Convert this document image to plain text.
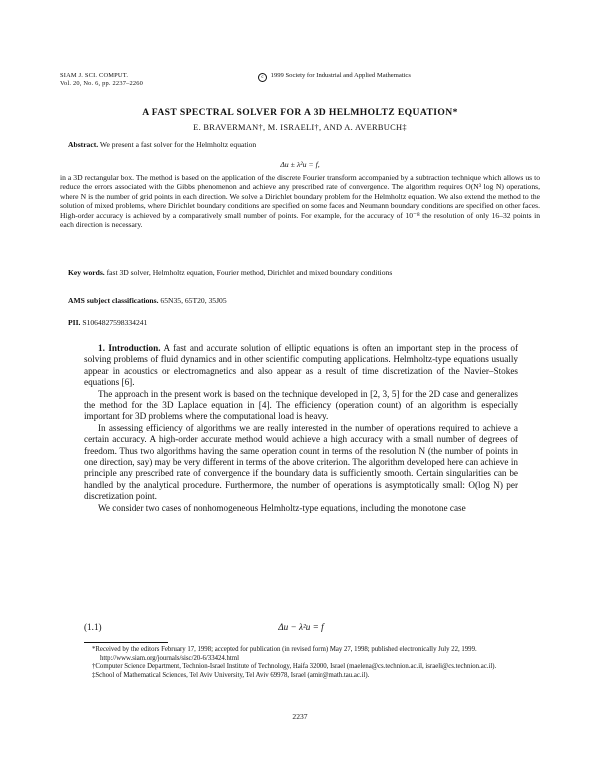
SIAM J. SCI. COMPUT.
Vol. 20, No. 6, pp. 2237–2260
c 1999 Society for Industrial and Applied Mathematics
A FAST SPECTRAL SOLVER FOR A 3D HELMHOLTZ EQUATION*
E. BRAVERMAN†, M. ISRAELI†, AND A. AVERBUCH‡
Abstract. We present a fast solver for the Helmholtz equation
Δu ± λ²u = f,
in a 3D rectangular box. The method is based on the application of the discrete Fourier transform accompanied by a subtraction technique which allows us to reduce the errors associated with the Gibbs phenomenon and achieve any prescribed rate of convergence. The algorithm requires O(N³ log N) operations, where N is the number of grid points in each direction. We solve a Dirichlet boundary problem for the Helmholtz equation. We also extend the method to the solution of mixed problems, where Dirichlet boundary conditions are specified on some faces and Neumann boundary conditions are specified on other faces. High-order accuracy is achieved by a comparatively small number of points. For example, for the accuracy of 10⁻⁸ the resolution of only 16–32 points in each direction is necessary.
Key words. fast 3D solver, Helmholtz equation, Fourier method, Dirichlet and mixed boundary conditions
AMS subject classifications. 65N35, 65T20, 35J05
PII. S1064827598334241

1. Introduction. A fast and accurate solution of elliptic equations is often an important step in the process of solving problems of fluid dynamics and in other scientific computing applications. Helmholtz-type equations usually appear in acoustics or electromagnetics and also appear as a result of time discretization of the Navier–Stokes equations [6].

The approach in the present work is based on the technique developed in [2, 3, 5] for the 2D case and generalizes the method for the 3D Laplace equation in [4]. The efficiency (operation count) of an algorithm is especially important for 3D problems where the computational load is heavy.

In assessing efficiency of algorithms we are really interested in the number of operations required to achieve a certain accuracy. A high-order accurate method would achieve a high accuracy with a small number of degrees of freedom. Thus two algorithms having the same operation count in terms of the resolution N (the number of points in one direction, say) may be very different in terms of the above criterion. The algorithm developed here can achieve in principle any prescribed rate of convergence if the boundary data is sufficiently smooth. Certain singularities can be handled by the analytical procedure. Furthermore, the number of operations is asymptotically small: O(log N) per discretization point.

We consider two cases of nonhomogeneous Helmholtz-type equations, including the monotone case

(1.1)	Δu − λ²u = f

*Received by the editors February 17, 1998; accepted for publication (in revised form) May 27, 1998; published electronically July 22, 1999.

http://www.siam.org/journals/sisc/20-6/33424.html

†Computer Science Department, Technion-Israel Institute of Technology, Haifa 32000, Israel (maelena@cs.technion.ac.il, israeli@cs.technion.ac.il).

‡School of Mathematical Sciences, Tel Aviv University, Tel Aviv 69978, Israel (amir@math.tau.ac.il).

2237
